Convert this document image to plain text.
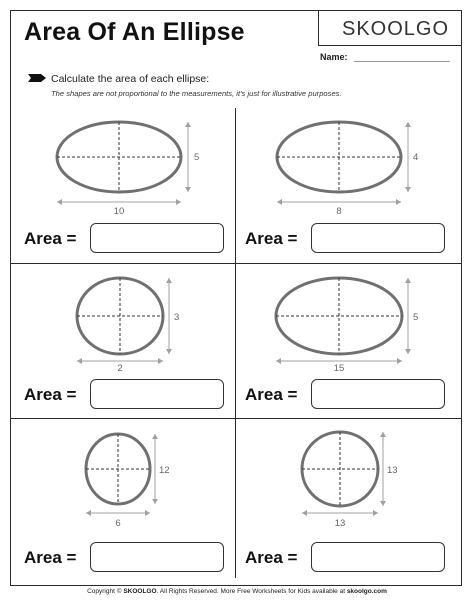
Area Of An Ellipse	SKOOLGO
Name:
Calculate the area of each ellipse:
The shapes are not proportional to the measurements, it's just for illustrative purposes.
10
5
8
4
2
3
15
5
6
12
13
13
Area =	Area =
Area =	Area =
Area =	Area =
Copyright © SKOOLGO. All Rights Reserved. More Free Worksheets for Kids available at skoolgo.com
